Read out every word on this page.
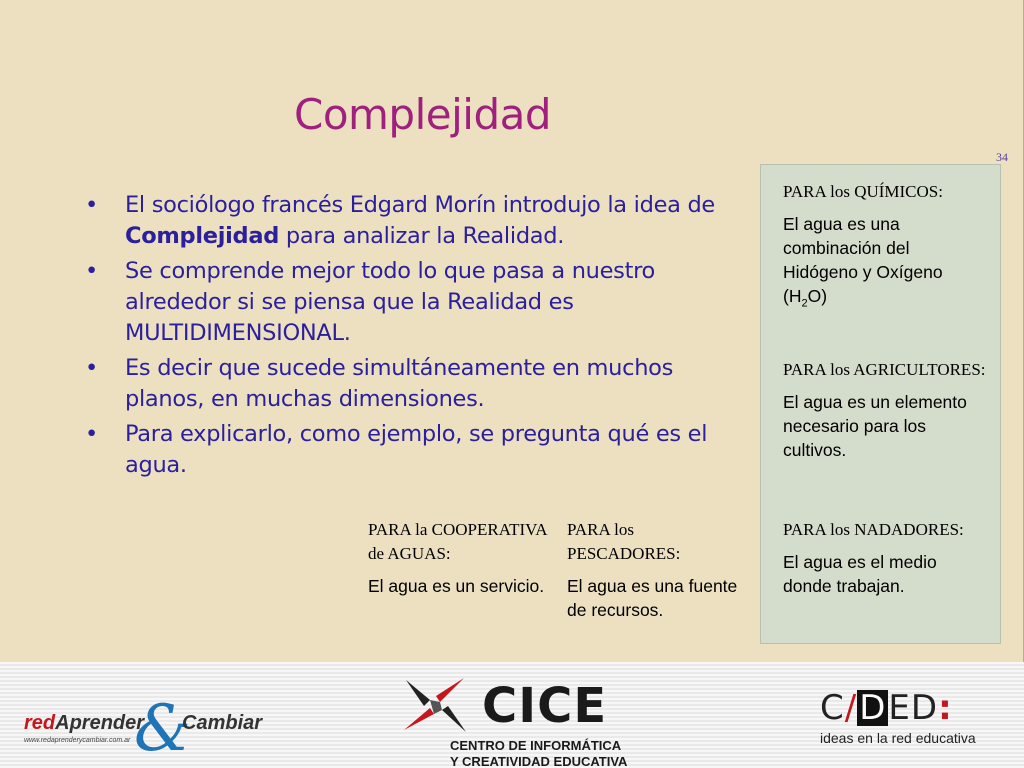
Complejidad
34
• El sociólogo francés Edgard Morín introdujo la idea de Complejidad para analizar la Realidad.
• Se comprende mejor todo lo que pasa a nuestro alrededor si se piensa que la Realidad es MULTIDIMENSIONAL.
• Es decir que sucede simultáneamente en muchos planos, en muchas dimensiones.
• Para explicarlo, como ejemplo, se pregunta qué es el agua.
PARA los QUÍMICOS:
El agua es una combinación del Hidógeno y Oxígeno $(H_2O)$
PARA los AGRICULTORES:
El agua es un elemento necesario para los cultivos.
PARA los NADADORES:
El agua es el medio donde trabajan.
PARA la COOPERATIVA de AGUAS:
El agua es un servicio.
PARA los PESCADORES:
El agua es una fuente de recursos.
redAprender
www.redaprenderycambiar.com.ar &
Cambiar	CICE
CENTRO DE INFORMÁTICA
Y CREATIVIDAD EDUCATIVA
C/DED:
ideas en la red educativa
